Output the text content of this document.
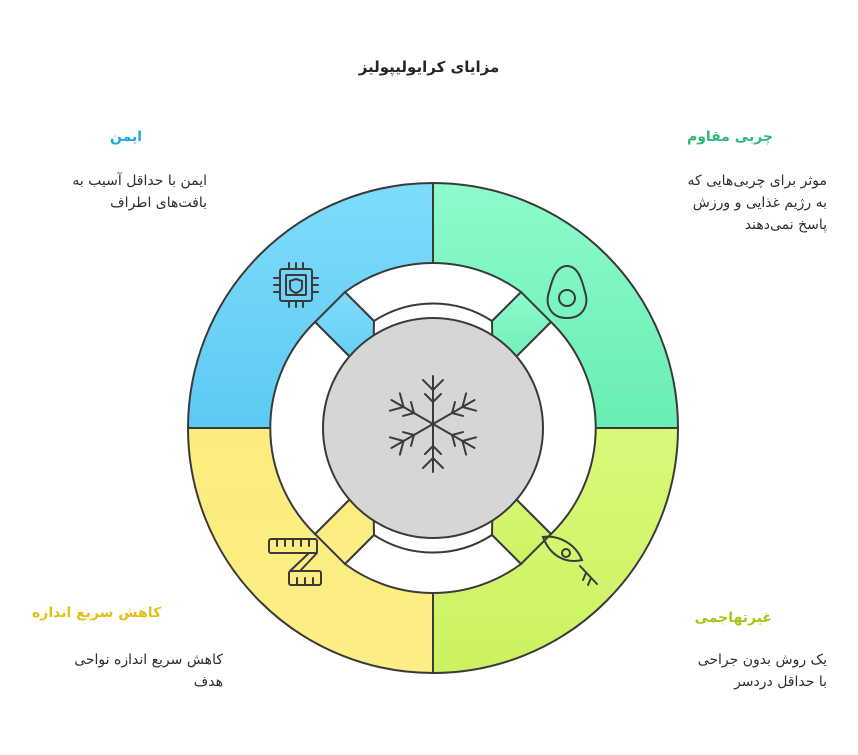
مزایای کرایولیپولیز
چربی مقاوم
موثر برای چربی‌هایی که
به رژیم غذایی و ورزش
پاسخ نمی‌دهند
ایمن
ایمن با حداقل آسیب به
بافت‌های اطراف
غیرتهاجمی
یک روش بدون جراحی
با حداقل دردسر
کاهش سریع اندازه
کاهش سریع اندازه نواحی
هدف
